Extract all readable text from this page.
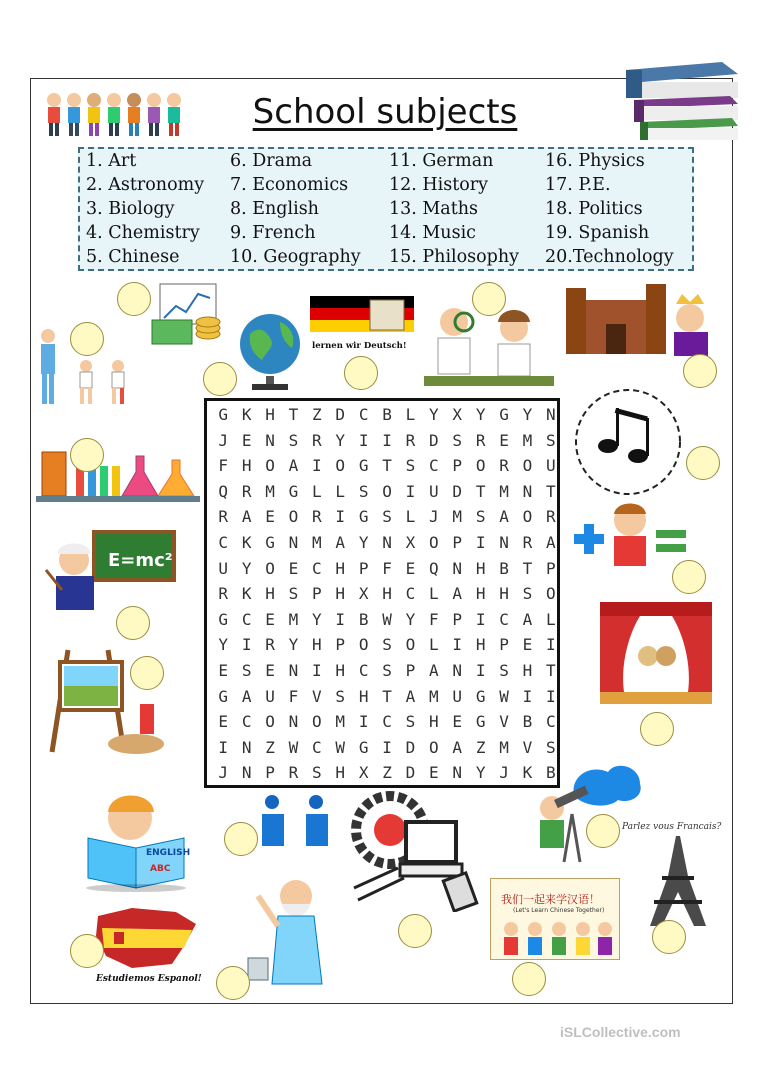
School subjects
1. Art
2. Astronomy
3. Biology
4. Chemistry
5. Chinese
6. Drama
7. Economics
8. English
9. French
10. Geography
11. German
12. History
13. Maths
14. Music
15. Philosophy
16. Physics
17. P.E.
18. Politics
19. Spanish
20.Technology
G K H T Z D C B L Y X Y G Y N
J E N S R Y I I R D S R E M S
F H O A I O G T S C P O R O U
Q R M G L L S O I U D T M N T
R A E O R I G S L J M S A O R
C K G N M A Y N X O P I N R A
U Y O E C H P F E Q N H B T P
R K H S P H X H C L A H H S O
G C E M Y I B W Y F P I C A L
Y I R Y H P O S O L I H P E I
E S E N I H C S P A N I S H T
G A U F V S H T A M U G W I I
E C O N O M I C S H E G V B C
I N Z W C W G I D O A Z M V S
J N P R S H X Z D E N Y J K B
lernen wir Deutsch!
E=mc²
ENGLISH
ABC
Parlez vous Francais?
我们一起来学汉语！
(Let's Learn Chinese Together)
Estudiemos Espanol!
iSLCollective.com
